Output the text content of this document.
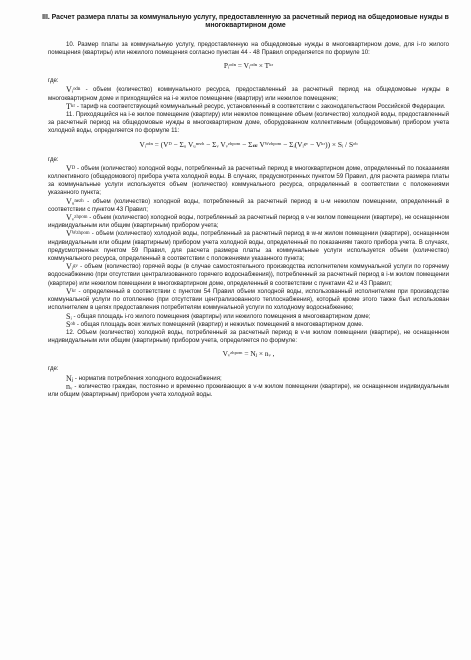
III. Расчет размера платы за коммунальную услугу, предоставленную за расчетный период на общедомовые нужды в многоквартирном доме

10. Размер платы за коммунальную услугу, предоставленную на общедомовые нужды в многоквартирном доме, для i-го жилого помещения (квартиры) или нежилого помещения согласно пунктам 44 - 48 Правил определяется по формуле 10:

Pᵢᵒᵈⁿ = Vᵢᵒᵈⁿ × Tᵏʳ

где:

Vᵢᵒᵈⁿ - объем (количество) коммунального ресурса, предоставленный за расчетный период на общедомовые нужды в многоквартирном доме и приходящийся на i-е жилое помещение (квартиру) или нежилое помещение;

Tᵏʳ - тариф на соответствующий коммунальный ресурс, установленный в соответствии с законодательством Российской Федерации.

11. Приходящийся на i-е жилое помещение (квартиру) или нежилое помещение объем (количество) холодной воды, предоставленный за расчетный период на общедомовые нужды в многоквартирном доме, оборудованном коллективным (общедомовым) прибором учета холодной воды, определяется по формуле 11:

Vᵢᵒᵈⁿ = (Vᴰ − Σᵤ Vᵤⁿᵉᶻʰ − Σᵥ Vᵥᶻʰᵖᵒᵐ − Σ𝓌 Vᵂᶻʰᵖᵒᵐ − Σᵢ(Vᵢᵍᵛ − Vᵏʳ)) × Sᵢ / Sᵒᵇ

где:

Vᴰ - объем (количество) холодной воды, потребленный за расчетный период в многоквартирном доме, определенный по показаниям коллективного (общедомового) прибора учета холодной воды. В случаях, предусмотренных пунктом 59 Правил, для расчета размера платы за коммунальные услуги используется объем (количество) коммунального ресурса, определенный в соответствии с положениями указанного пункта;

Vᵤⁿᵉᶻʰ - объем (количество) холодной воды, потребленный за расчетный период в u-м нежилом помещении, определенный в соответствии с пунктом 43 Правил;

Vᵥᶻʰᵖᵒᵐ - объем (количество) холодной воды, потребленный за расчетный период в v-м жилом помещении (квартире), не оснащенном индивидуальным или общим (квартирным) прибором учета;

Vᵂᶻʰᵖᵒᵐ - объем (количество) холодной воды, потребленный за расчетный период в w-м жилом помещении (квартире), оснащенном индивидуальным или общим (квартирным) прибором учета холодной воды, определенный по показаниям такого прибора учета. В случаях, предусмотренных пунктом 59 Правил, для расчета размера платы за коммунальные услуги используется объем (количество) коммунального ресурса, определенный в соответствии с положениями указанного пункта;

Vᵢᵍᵛ - объем (количество) горячей воды (в случае самостоятельного производства исполнителем коммунальной услуги по горячему водоснабжению (при отсутствии централизованного горячего водоснабжения)), потребленный за расчетный период в i-м жилом помещении (квартире) или нежилом помещении в многоквартирном доме, определенный в соответствии с пунктами 42 и 43 Правил;

Vᵏʳ - определенный в соответствии с пунктом 54 Правил объем холодной воды, использованный исполнителем при производстве коммунальной услуги по отоплению (при отсутствии централизованного теплоснабжения), который кроме этого также был использован исполнителем в целях предоставления потребителям коммунальной услуги по холодному водоснабжению;

Sᵢ - общая площадь i-го жилого помещения (квартиры) или нежилого помещения в многоквартирном доме;

Sᵒᵇ - общая площадь всех жилых помещений (квартир) и нежилых помещений в многоквартирном доме.

12. Объем (количество) холодной воды, потребленный за расчетный период в v-м жилом помещении (квартире), не оснащенном индивидуальным или общим (квартирным) прибором учета, определяется по формуле:

Vᵥᶻʰᵖᵒᵐ = Nⱼ × nᵥ ,

где:

Nⱼ - норматив потребления холодного водоснабжения;

nᵥ - количество граждан, постоянно и временно проживающих в v-м жилом помещении (квартире), не оснащенном индивидуальным или общим (квартирным) прибором учета холодной воды.
